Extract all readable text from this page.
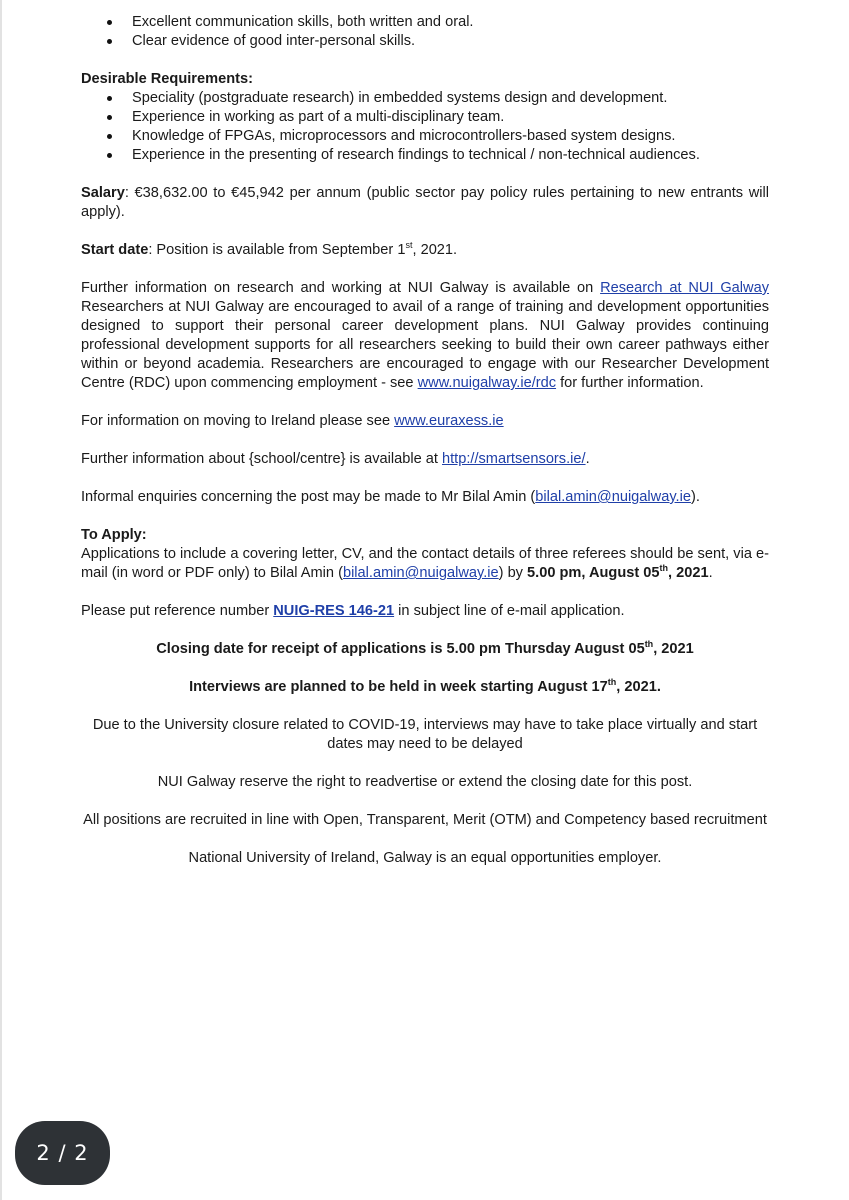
Excellent communication skills, both written and oral.
Clear evidence of good inter-personal skills.

Desirable Requirements:

Speciality (postgraduate research) in embedded systems design and development.
Experience in working as part of a multi-disciplinary team.
Knowledge of FPGAs, microprocessors and microcontrollers-based system designs.
Experience in the presenting of research findings to technical / non-technical audiences.

Salary: €38,632.00 to €45,942 per annum (public sector pay policy rules pertaining to new entrants will apply).

Start date: Position is available from September 1st, 2021.

Further information on research and working at NUI Galway is available on Research at NUI Galway Researchers at NUI Galway are encouraged to avail of a range of training and development opportunities designed to support their personal career development plans. NUI Galway provides continuing professional development supports for all researchers seeking to build their own career pathways either within or beyond academia. Researchers are encouraged to engage with our Researcher Development Centre (RDC) upon commencing employment - see www.nuigalway.ie/rdc for further information.

For information on moving to Ireland please see www.euraxess.ie

Further information about {school/centre} is available at http://smartsensors.ie/.

Informal enquiries concerning the post may be made to Mr Bilal Amin (bilal.amin@nuigalway.ie).

To Apply:

Applications to include a covering letter, CV, and the contact details of three referees should be sent, via e-mail (in word or PDF only) to Bilal Amin (bilal.amin@nuigalway.ie) by 5.00 pm, August 05th, 2021.

Please put reference number NUIG-RES 146-21 in subject line of e-mail application.

Closing date for receipt of applications is 5.00 pm Thursday August 05th, 2021

Interviews are planned to be held in week starting August 17th, 2021.

Due to the University closure related to COVID-19, interviews may have to take place virtually and start dates may need to be delayed

NUI Galway reserve the right to readvertise or extend the closing date for this post.

All positions are recruited in line with Open, Transparent, Merit (OTM) and Competency based recruitment

National University of Ireland, Galway is an equal opportunities employer.

2 / 2
